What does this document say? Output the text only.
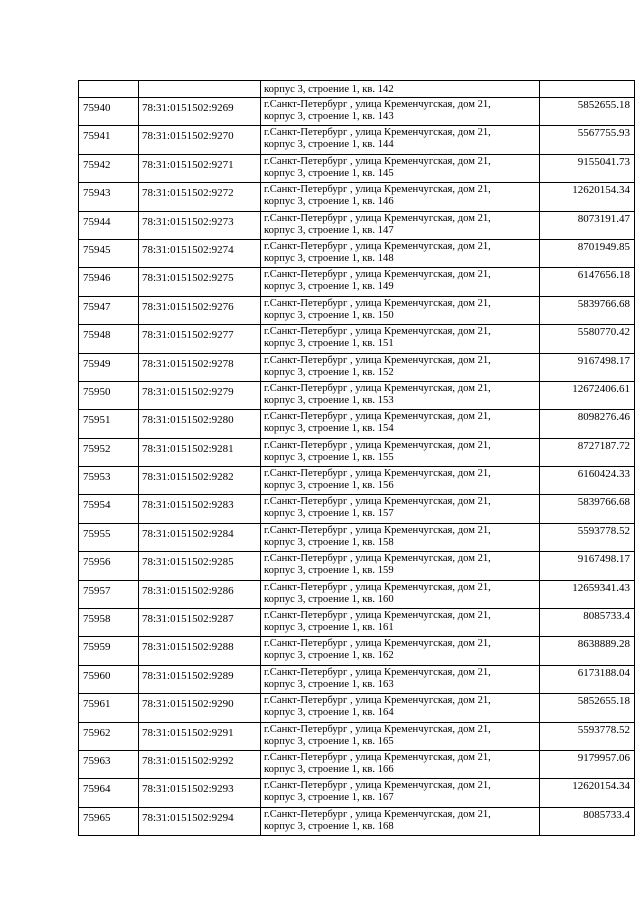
		корпус 3, строение 1, кв. 142	

75940	78:31:0151502:9269	г.Санкт-Петербург , улица Кременчугская, дом 21,
корпус 3, строение 1, кв. 143	5852655.18
75941	78:31:0151502:9270	г.Санкт-Петербург , улица Кременчугская, дом 21,
корпус 3, строение 1, кв. 144	5567755.93
75942	78:31:0151502:9271	г.Санкт-Петербург , улица Кременчугская, дом 21,
корпус 3, строение 1, кв. 145	9155041.73
75943	78:31:0151502:9272	г.Санкт-Петербург , улица Кременчугская, дом 21,
корпус 3, строение 1, кв. 146	12620154.34
75944	78:31:0151502:9273	г.Санкт-Петербург , улица Кременчугская, дом 21,
корпус 3, строение 1, кв. 147	8073191.47
75945	78:31:0151502:9274	г.Санкт-Петербург , улица Кременчугская, дом 21,
корпус 3, строение 1, кв. 148	8701949.85
75946	78:31:0151502:9275	г.Санкт-Петербург , улица Кременчугская, дом 21,
корпус 3, строение 1, кв. 149	6147656.18
75947	78:31:0151502:9276	г.Санкт-Петербург , улица Кременчугская, дом 21,
корпус 3, строение 1, кв. 150	5839766.68
75948	78:31:0151502:9277	г.Санкт-Петербург , улица Кременчугская, дом 21,
корпус 3, строение 1, кв. 151	5580770.42
75949	78:31:0151502:9278	г.Санкт-Петербург , улица Кременчугская, дом 21,
корпус 3, строение 1, кв. 152	9167498.17
75950	78:31:0151502:9279	г.Санкт-Петербург , улица Кременчугская, дом 21,
корпус 3, строение 1, кв. 153	12672406.61
75951	78:31:0151502:9280	г.Санкт-Петербург , улица Кременчугская, дом 21,
корпус 3, строение 1, кв. 154	8098276.46
75952	78:31:0151502:9281	г.Санкт-Петербург , улица Кременчугская, дом 21,
корпус 3, строение 1, кв. 155	8727187.72
75953	78:31:0151502:9282	г.Санкт-Петербург , улица Кременчугская, дом 21,
корпус 3, строение 1, кв. 156	6160424.33
75954	78:31:0151502:9283	г.Санкт-Петербург , улица Кременчугская, дом 21,
корпус 3, строение 1, кв. 157	5839766.68
75955	78:31:0151502:9284	г.Санкт-Петербург , улица Кременчугская, дом 21,
корпус 3, строение 1, кв. 158	5593778.52
75956	78:31:0151502:9285	г.Санкт-Петербург , улица Кременчугская, дом 21,
корпус 3, строение 1, кв. 159	9167498.17
75957	78:31:0151502:9286	г.Санкт-Петербург , улица Кременчугская, дом 21,
корпус 3, строение 1, кв. 160	12659341.43
75958	78:31:0151502:9287	г.Санкт-Петербург , улица Кременчугская, дом 21,
корпус 3, строение 1, кв. 161	8085733.4
75959	78:31:0151502:9288	г.Санкт-Петербург , улица Кременчугская, дом 21,
корпус 3, строение 1, кв. 162	8638889.28
75960	78:31:0151502:9289	г.Санкт-Петербург , улица Кременчугская, дом 21,
корпус 3, строение 1, кв. 163	6173188.04
75961	78:31:0151502:9290	г.Санкт-Петербург , улица Кременчугская, дом 21,
корпус 3, строение 1, кв. 164	5852655.18
75962	78:31:0151502:9291	г.Санкт-Петербург , улица Кременчугская, дом 21,
корпус 3, строение 1, кв. 165	5593778.52
75963	78:31:0151502:9292	г.Санкт-Петербург , улица Кременчугская, дом 21,
корпус 3, строение 1, кв. 166	9179957.06
75964	78:31:0151502:9293	г.Санкт-Петербург , улица Кременчугская, дом 21,
корпус 3, строение 1, кв. 167	12620154.34
75965	78:31:0151502:9294	г.Санкт-Петербург , улица Кременчугская, дом 21,
корпус 3, строение 1, кв. 168	8085733.4
